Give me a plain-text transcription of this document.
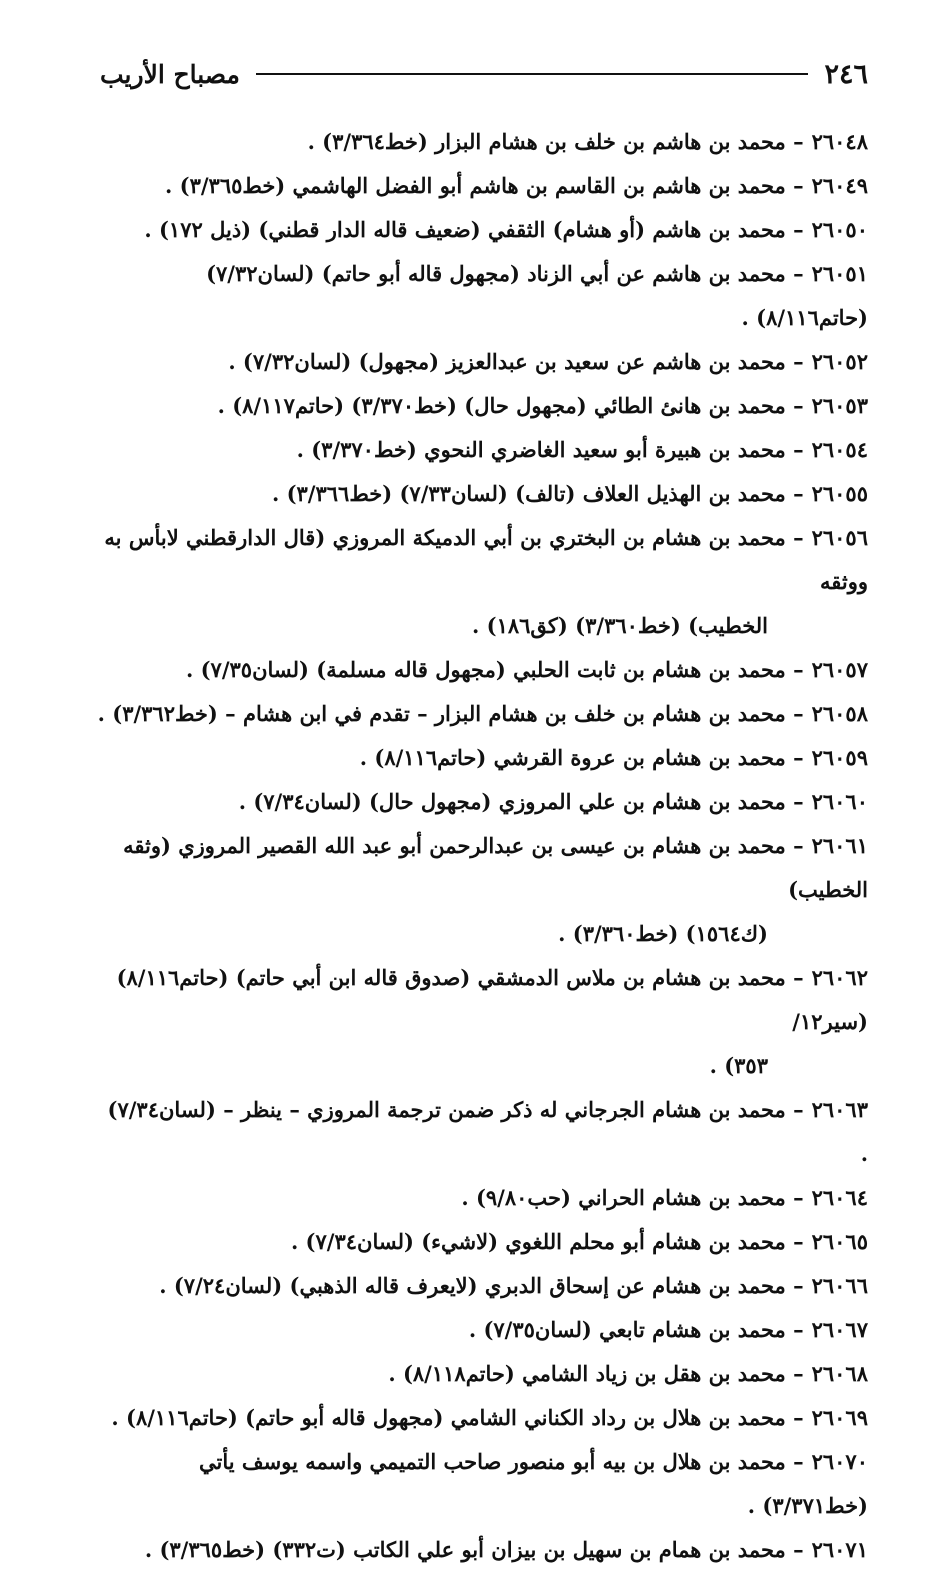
٢٤٦
مصباح الأريب
٢٦٠٤٨– محمد بن هاشم بن خلف بن هشام البزار (خط٣/٣٦٤) .
٢٦٠٤٩– محمد بن هاشم بن القاسم بن هاشم أبو الفضل الهاشمي (خط٣/٣٦٥) .
٢٦٠٥٠– محمد بن هاشم (أو هشام) الثقفي (ضعيف قاله الدار قطني) (ذيل ١٧٢) .
٢٦٠٥١– محمد بن هاشم عن أبي الزناد (مجهول قاله أبو حاتم) (لسان٧/٣٢) (حاتم٨/١١٦) .
٢٦٠٥٢– محمد بن هاشم عن سعيد بن عبدالعزيز (مجهول) (لسان٧/٣٢) .
٢٦٠٥٣– محمد بن هانئ الطائي (مجهول حال) (خط٣/٣٧٠) (حاتم٨/١١٧) .
٢٦٠٥٤– محمد بن هبيرة أبو سعيد الغاضري النحوي (خط٣/٣٧٠) .
٢٦٠٥٥– محمد بن الهذيل العلاف (تالف) (لسان٧/٣٣) (خط٣/٣٦٦) .
٢٦٠٥٦– محمد بن هشام بن البختري بن أبي الدميكة المروزي (قال الدارقطني لابأس به ووثقه
الخطيب) (خط٣/٣٦٠) (كق١٨٦) .
٢٦٠٥٧– محمد بن هشام بن ثابت الحلبي (مجهول قاله مسلمة) (لسان٧/٣٥) .
٢٦٠٥٨– محمد بن هشام بن خلف بن هشام البزار – تقدم في ابن هشام – (خط٣/٣٦٢) .
٢٦٠٥٩– محمد بن هشام بن عروة القرشي (حاتم٨/١١٦) .
٢٦٠٦٠– محمد بن هشام بن علي المروزي (مجهول حال) (لسان٧/٣٤) .
٢٦٠٦١– محمد بن هشام بن عيسى بن عبدالرحمن أبو عبد الله القصير المروزي (وثقه الخطيب)
(ك١٥٦٤) (خط٣/٣٦٠) .
٢٦٠٦٢– محمد بن هشام بن ملاس الدمشقي (صدوق قاله ابن أبي حاتم) (حاتم٨/١١٦) (سير١٢/
٣٥٣) .
٢٦٠٦٣– محمد بن هشام الجرجاني له ذكر ضمن ترجمة المروزي – ينظر – (لسان٧/٣٤) .
٢٦٠٦٤– محمد بن هشام الحراني (حب٩/٨٠) .
٢٦٠٦٥– محمد بن هشام أبو محلم اللغوي (لاشيء) (لسان٧/٣٤) .
٢٦٠٦٦– محمد بن هشام عن إسحاق الدبري (لايعرف قاله الذهبي) (لسان٧/٢٤) .
٢٦٠٦٧– محمد بن هشام تابعي (لسان٧/٣٥) .
٢٦٠٦٨– محمد بن هقل بن زياد الشامي (حاتم٨/١١٨) .
٢٦٠٦٩– محمد بن هلال بن رداد الكناني الشامي (مجهول قاله أبو حاتم) (حاتم٨/١١٦) .
٢٦٠٧٠– محمد بن هلال بن بيه أبو منصور صاحب التميمي واسمه يوسف يأتي (خط٣/٣٧١) .
٢٦٠٧١– محمد بن همام بن سهيل بن بيزان أبو علي الكاتب (ت٣٣٢) (خط٣/٣٦٥) .
